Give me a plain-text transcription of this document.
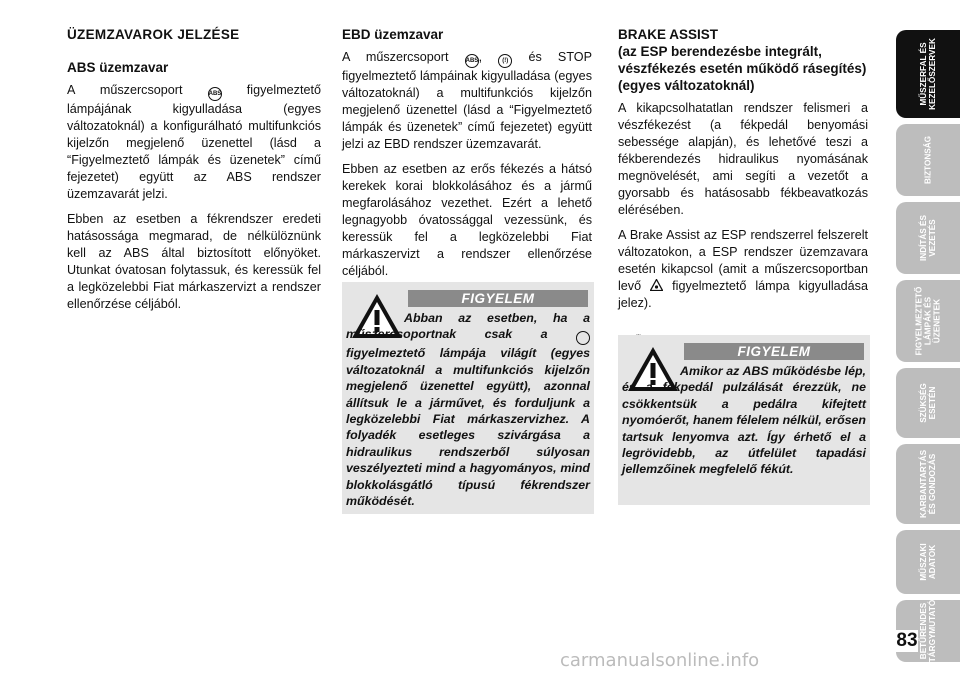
ÜZEMZAVAROK JELZÉSE

ABS üzemzavar

A műszercsoport ABS figyelmeztető lámpájának kigyulladása (egyes változatoknál) a konfigurálható multifunkciós kijelzőn megjelenő üzenettel (lásd a “Figyelmeztető lámpák és üzenetek” című fejezetet) együtt az ABS rendszer üzemzavarát jelzi.

Ebben az esetben a fékrendszer eredeti hatásossága megmarad, de nélkülöznünk kell az ABS által biztosított előnyöket. Utunkat óvatosan folytassuk, és keressük fel a legközelebbi Fiat márkaszervizt a rendszer ellenőrzése céljából.

EBD üzemzavar

A műszercsoport ABS, (!) és STOP figyelmeztető lámpáinak kigyulladása (egyes változatoknál) a multifunkciós kijelzőn megjelenő üzenettel (lásd a “Figyelmeztető lámpák és üzenetek” című fejezetet) együtt jelzi az EBD rendszer üzemzavarát.

Ebben az esetben az erős fékezés a hátsó kerekek korai blokkolásához és a jármű megfarolásához vezethet. Ezért a lehető legnagyobb óvatossággal vezessünk, és keressük fel a legközelebbi Fiat márkaszervizt a rendszer ellenőrzése céljából.

FIGYELEM
Abban az esetben, ha a műszercsoportnak csak a  figyelmeztető lámpája világít (egyes változatoknál a multifunkciós kijelzőn megjelenő üzenettel együtt), azonnal állítsuk le a járművet, és forduljunk a legközelebbi Fiat márkaszervizhez. A folyadék esetleges szivárgása a hidraulikus rendszerből súlyosan veszélyezteti mind a hagyományos, mind blokkolásgátló típusú fékrendszer működését.

BRAKE ASSIST
(az ESP berendezésbe integrált, vészfékezés esetén működő rásegítés) (egyes változatoknál)

A kikapcsolhatatlan rendszer felismeri a vészfékezést (a fékpedál benyomási sebessége alapján), és lehetővé teszi a fékberendezés hidraulikus nyomásának megnövelését, ami segíti a vezetőt a gyorsabb és hatásosabb fékbeavatkozás elérésében.

A Brake Assist az ESP rendszerrel felszerelt változatokon, a ESP rendszer üzemzavara esetén kikapcsol (amit a műszercsoportban levő  figyelmeztető lámpa kigyulladása jelez).

FIGYELEM
Amikor az ABS működésbe lép, és a fékpedál pulzálását érezzük, ne csökkentsük a pedálra kifejtett nyomóerőt, hanem félelem nélkül, erősen tartsuk lenyomva azt. Így érhető el a legrövidebb, az útfelület tapadási jellemzőinek megfelelő fékút.
MŰSZERFAL ÉS
KEZELŐSZERVEK
BIZTONSÁG
INDÍTÁS ÉS
VEZETÉS
FIGYELMEZTETŐ
LÁMPÁK ÉS
ÜZENETEK
SZÜKSÉG
ESETÉN
KARBANTARTÁS
ÉS GONDOZÁS
MŰSZAKI
ADATOK
BETŰRENDES
TÁRGYMUTATÓ
83
carmanualsonline.info
